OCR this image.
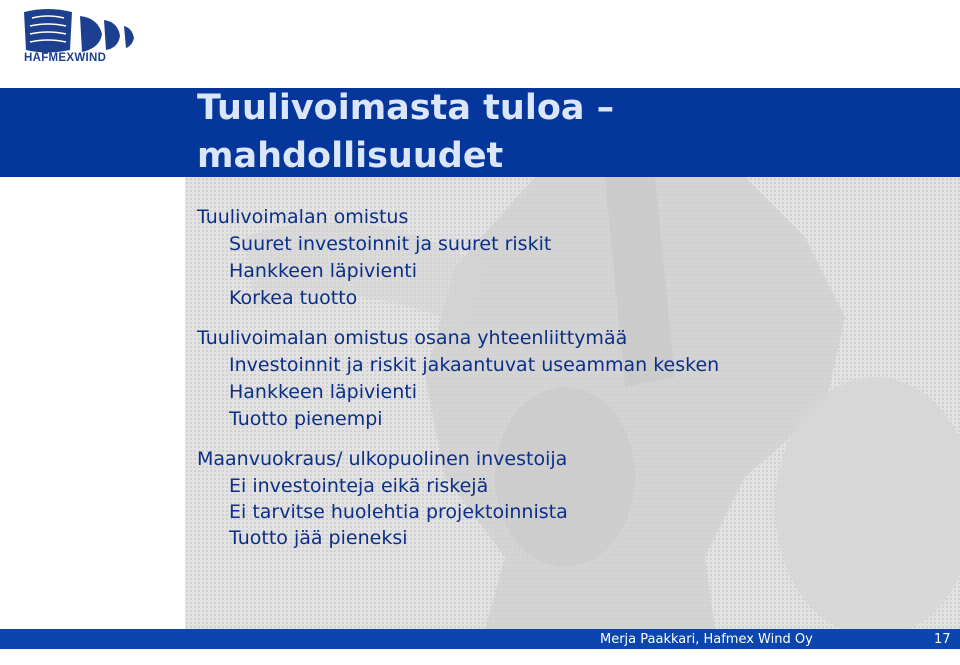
HAFMEXWIND
Tuulivoimasta tuloa –
mahdollisuudet
Tuulivoimalan omistus
Suuret investoinnit ja suuret riskit
Hankkeen läpivienti
Korkea tuotto
Tuulivoimalan omistus osana yhteenliittymää
Investoinnit ja riskit jakaantuvat useamman kesken
Hankkeen läpivienti
Tuotto pienempi
Maanvuokraus/ ulkopuolinen investoija
Ei investointeja eikä riskejä
Ei tarvitse huolehtia projektoinnista
Tuotto jää pieneksi
Merja Paakkari, Hafmex Wind Oy	17
